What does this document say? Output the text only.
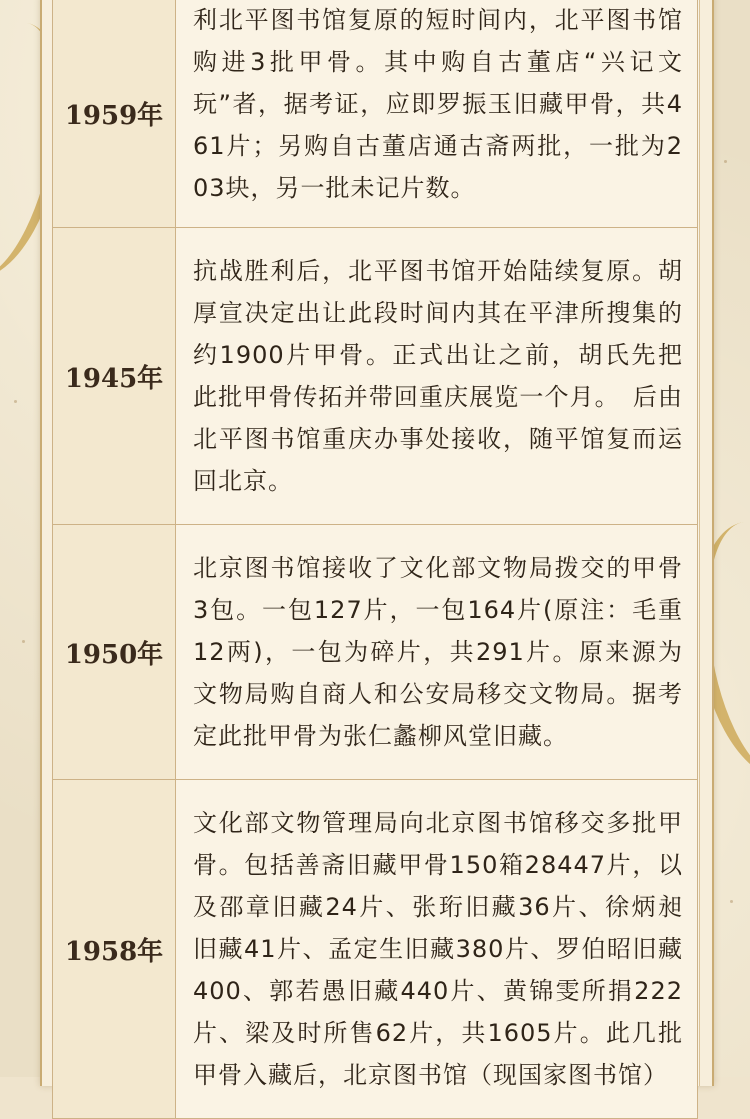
1959年	利北平图书馆复原的短时间内，北平图书馆购进3批甲骨。其中购自古董店“兴记文玩”者，据考证，应即罗振玉旧藏甲骨，共461片；另购自古董店通古斋两批，一批为203块，另一批未记片数。
1945年	抗战胜利后，北平图书馆开始陆续复原。胡厚宣决定出让此段时间内其在平津所搜集的约1900片甲骨。正式出让之前，胡氏先把此批甲骨传拓并带回重庆展览一个月。　后由北平图书馆重庆办事处接收，随平馆复而运回北京。
1950年	北京图书馆接收了文化部文物局拨交的甲骨3包。一包127片，一包164片(原注：毛重12两)，一包为碎片，共291片。原来源为文物局购自商人和公安局移交文物局。据考定此批甲骨为张仁蠡柳风堂旧藏。
1958年	文化部文物管理局向北京图书馆移交多批甲骨。包括善斋旧藏甲骨150箱28447片，以及邵章旧藏24片、张珩旧藏36片、徐炳昶旧藏41片、孟定生旧藏380片、罗伯昭旧藏400、郭若愚旧藏440片、黄锦雯所捐222片、梁及时所售62片，共1605片。此几批甲骨入藏后，北京图书馆（现国家图书馆）
